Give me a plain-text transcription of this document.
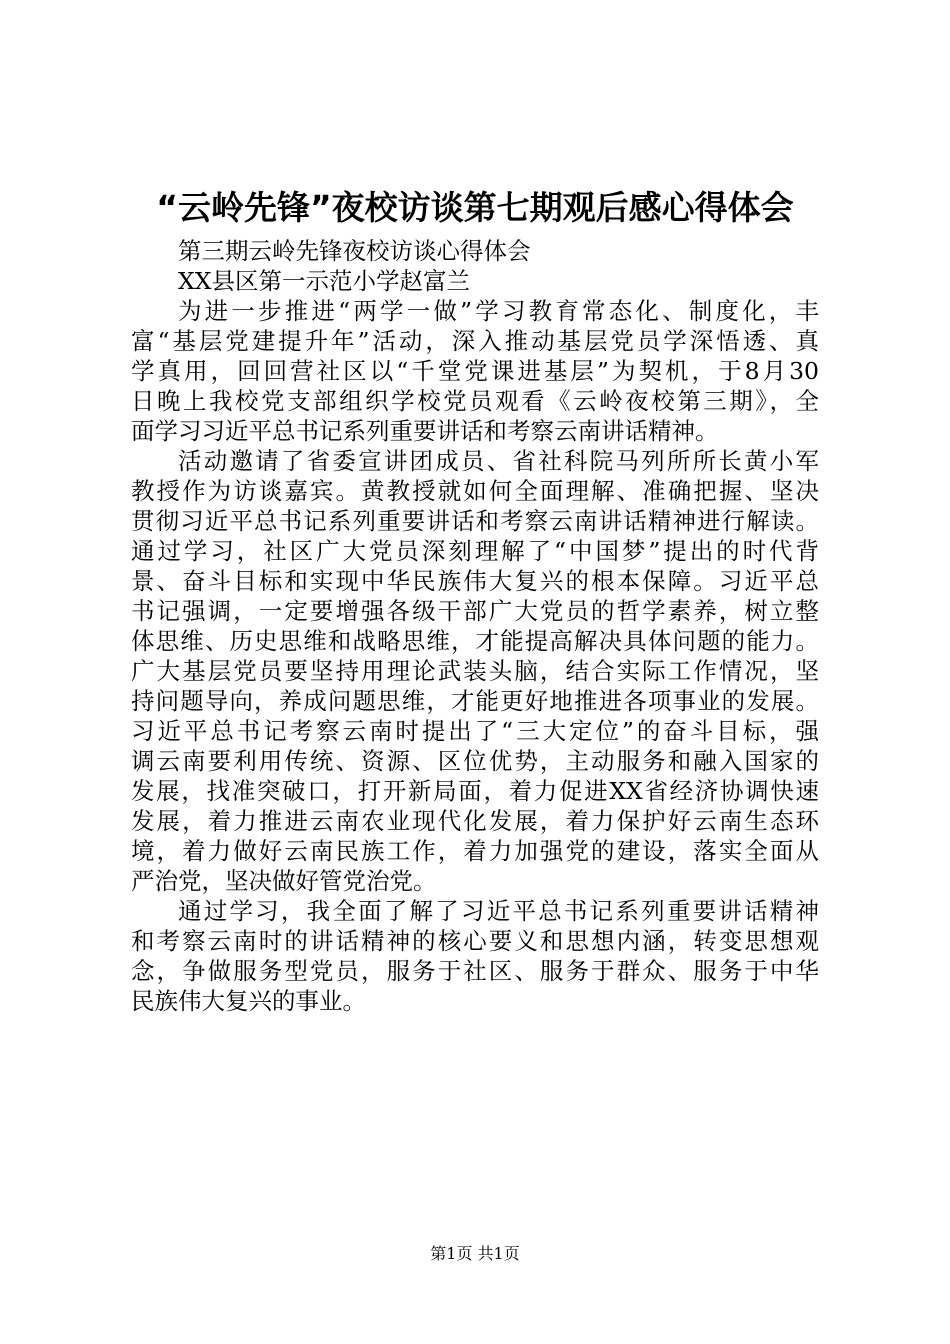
“云岭先锋”夜校访谈第七期观后感心得体会
第三期云岭先锋夜校访谈心得体会
XX县区第一示范小学赵富兰
为进一步推进“两学一做”学习教育常态化、制度化，丰
富“基层党建提升年”活动，深入推动基层党员学深悟透、真
学真用，回回营社区以“千堂党课进基层”为契机，于8月30
日晚上我校党支部组织学校党员观看《云岭夜校第三期》，全
面学习习近平总书记系列重要讲话和考察云南讲话精神。
活动邀请了省委宣讲团成员、省社科院马列所所长黄小军
教授作为访谈嘉宾。黄教授就如何全面理解、准确把握、坚决
贯彻习近平总书记系列重要讲话和考察云南讲话精神进行解读。
通过学习，社区广大党员深刻理解了“中国梦”提出的时代背
景、奋斗目标和实现中华民族伟大复兴的根本保障。习近平总
书记强调，一定要增强各级干部广大党员的哲学素养，树立整
体思维、历史思维和战略思维，才能提高解决具体问题的能力。
广大基层党员要坚持用理论武装头脑，结合实际工作情况，坚
持问题导向，养成问题思维，才能更好地推进各项事业的发展。
习近平总书记考察云南时提出了“三大定位”的奋斗目标，强
调云南要利用传统、资源、区位优势，主动服务和融入国家的
发展，找准突破口，打开新局面，着力促进XX省经济协调快速
发展，着力推进云南农业现代化发展，着力保护好云南生态环
境，着力做好云南民族工作，着力加强党的建设，落实全面从
严治党，坚决做好管党治党。
通过学习，我全面了解了习近平总书记系列重要讲话精神
和考察云南时的讲话精神的核心要义和思想内涵，转变思想观
念，争做服务型党员，服务于社区、服务于群众、服务于中华
民族伟大复兴的事业。
第1页 共1页
